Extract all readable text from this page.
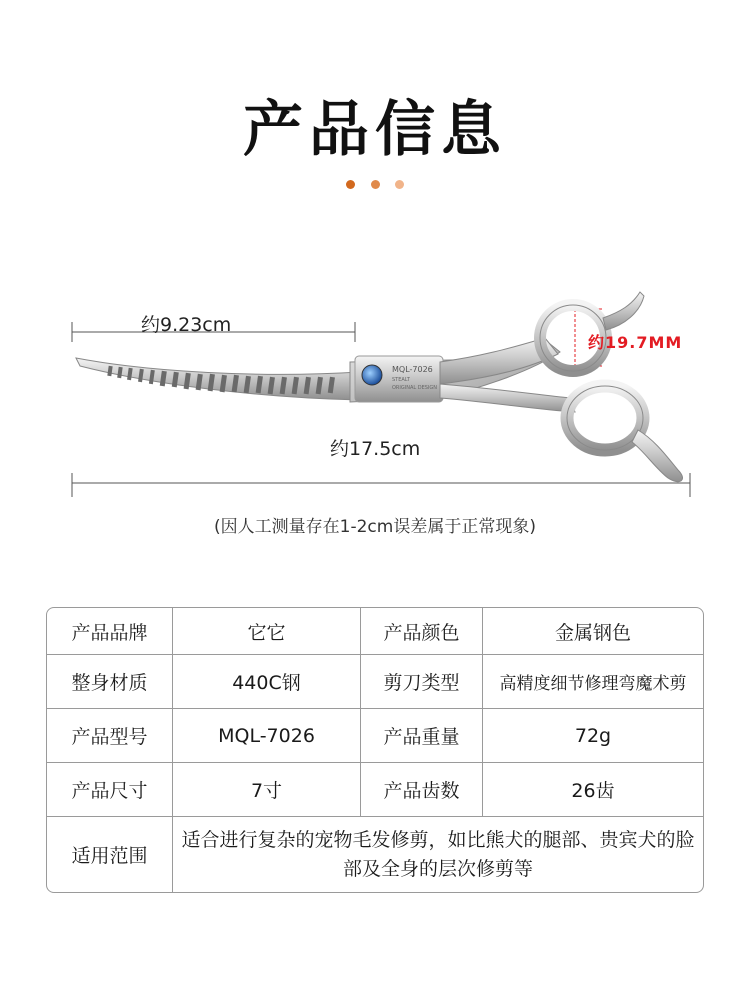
产品信息

MQL-7026
STEALT
ORIGINAL DESIGN
约9.23cm
约17.5cm
约19.7MM
(因人工测量存在1-2cm误差属于正常现象)
产品品牌	它它	产品颜色	金属钢色
整身材质	440C钢	剪刀类型	高精度细节修理弯魔术剪
产品型号	MQL-7026	产品重量	72g
产品尺寸	7寸	产品齿数	26齿
适用范围	适合进行复杂的宠物毛发修剪，如比熊犬的腿部、贵宾犬的脸部及全身的层次修剪等		
